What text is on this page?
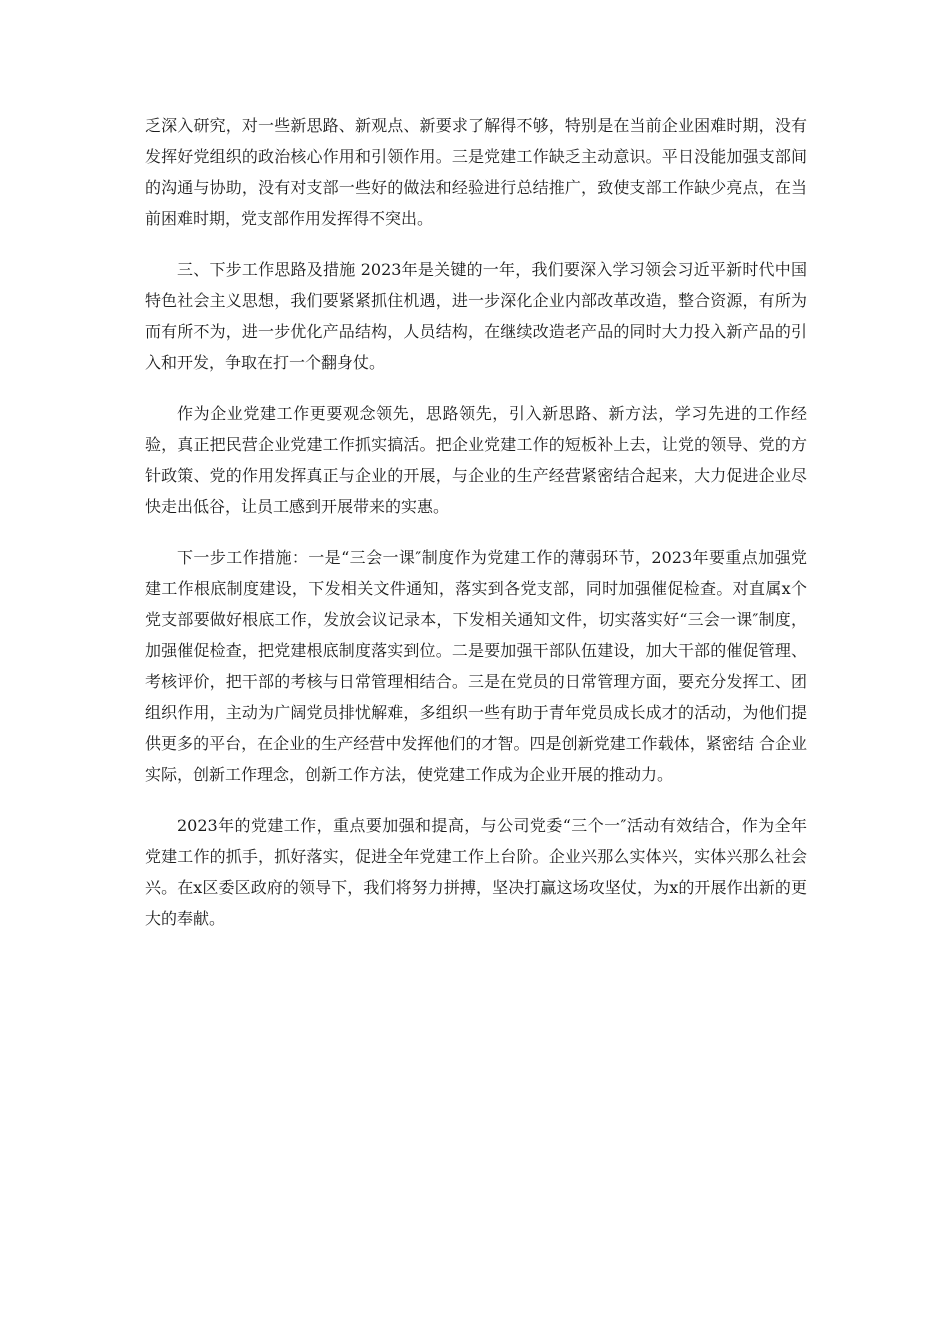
乏深入研究，对一些新思路、新观点、新要求了解得不够，特别是在当前企业困难时期，没有发挥好党组织的政治核心作用和引领作用。三是党建工作缺乏主动意识。平日没能加强支部间的沟通与协助，没有对支部一些好的做法和经验进行总结推广，致使支部工作缺少亮点，在当前困难时期，党支部作用发挥得不突出。

三、下步工作思路及措施 2023年是关键的一年，我们要深入学习领会习近平新时代中国特色社会主义思想，我们要紧紧抓住机遇，进一步深化企业内部改革改造，整合资源，有所为而有所不为，进一步优化产品结构，人员结构，在继续改造老产品的同时大力投入新产品的引入和开发，争取在打一个翻身仗。

作为企业党建工作更要观念领先，思路领先，引入新思路、新方法，学习先进的工作经验，真正把民营企业党建工作抓实搞活。把企业党建工作的短板补上去，让党的领导、党的方针政策、党的作用发挥真正与企业的开展，与企业的生产经营紧密结合起来，大力促进企业尽快走出低谷，让员工感到开展带来的实惠。

下一步工作措施：一是“三会一课″制度作为党建工作的薄弱环节，2023年要重点加强党建工作根底制度建设，下发相关文件通知，落实到各党支部，同时加强催促检查。对直属x个党支部要做好根底工作，发放会议记录本，下发相关通知文件，切实落实好“三会一课″制度，加强催促检查，把党建根底制度落实到位。二是要加强干部队伍建设，加大干部的催促管理、考核评价，把干部的考核与日常管理相结合。三是在党员的日常管理方面，要充分发挥工、团组织作用，主动为广阔党员排忧解难，多组织一些有助于青年党员成长成才的活动，为他们提供更多的平台，在企业的生产经营中发挥他们的才智。四是创新党建工作载体，紧密结 合企业实际，创新工作理念，创新工作方法，使党建工作成为企业开展的推动力。

2023年的党建工作，重点要加强和提高，与公司党委“三个一″活动有效结合，作为全年党建工作的抓手，抓好落实，促进全年党建工作上台阶。企业兴那么实体兴，实体兴那么社会兴。在x区委区政府的领导下，我们将努力拼搏，坚决打赢这场攻坚仗，为x的开展作出新的更大的奉献。
